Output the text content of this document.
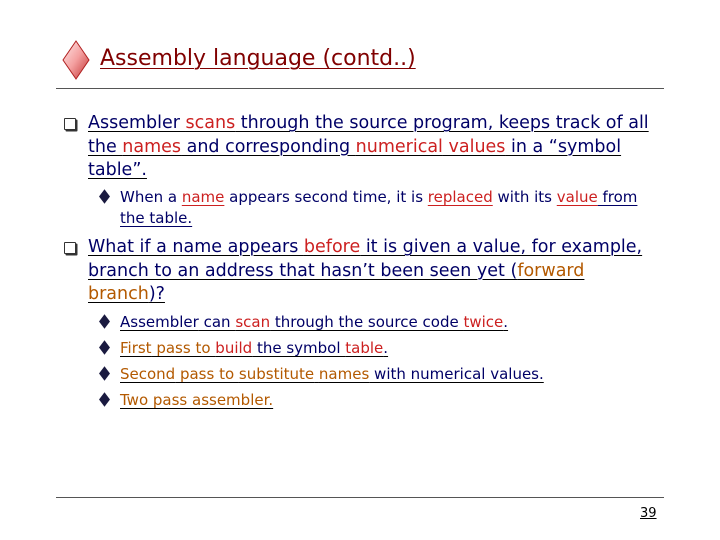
Assembly language (contd..)
Assembler scans through the source program, keeps track of all the names and corresponding numerical values in a “symbol table”.
When a name appears second time, it is replaced with its value from the table.
What if a name appears before it is given a value, for example, branch to an address that hasn’t been seen yet (forward branch)?
Assembler can scan through the source code twice.
First pass to build the symbol table.
Second pass to substitute names with numerical values.
Two pass assembler.
39
